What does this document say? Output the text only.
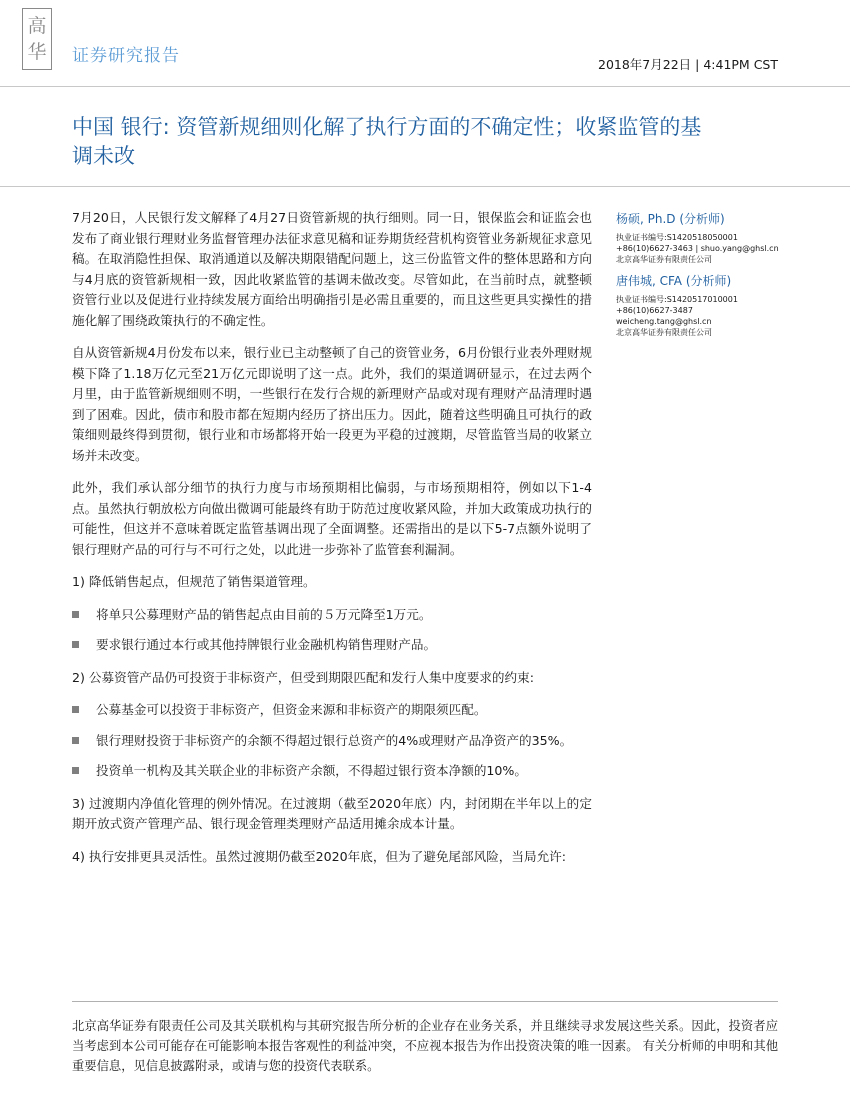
高
华 证券研究报告	2018年7月22日 | 4:41PM CST
中国 银行: 资管新规细则化解了执行方面的不确定性；收紧监管的基调未改

7月20日，人民银行发文解释了4月27日资管新规的执行细则。同一日，银保监会和证监会也发布了商业银行理财业务监督管理办法征求意见稿和证券期货经营机构资管业务新规征求意见稿。在取消隐性担保、取消通道以及解决期限错配问题上，这三份监管文件的整体思路和方向与4月底的资管新规相一致，因此收紧监管的基调未做改变。尽管如此，在当前时点，就整顿资管行业以及促进行业持续发展方面给出明确指引是必需且重要的，而且这些更具实操性的措施化解了围绕政策执行的不确定性。

自从资管新规4月份发布以来，银行业已主动整顿了自己的资管业务，6月份银行业表外理财规模下降了1.18万亿元至21万亿元即说明了这一点。此外，我们的渠道调研显示，在过去两个月里，由于监管新规细则不明，一些银行在发行合规的新理财产品或对现有理财产品清理时遇到了困难。因此，债市和股市都在短期内经历了挤出压力。因此，随着这些明确且可执行的政策细则最终得到贯彻，银行业和市场都将开始一段更为平稳的过渡期，尽管监管当局的收紧立场并未改变。

此外，我们承认部分细节的执行力度与市场预期相比偏弱，与市场预期相符，例如以下1-4点。虽然执行朝放松方向做出微调可能最终有助于防范过度收紧风险，并加大政策成功执行的可能性，但这并不意味着既定监管基调出现了全面调整。还需指出的是以下5-7点额外说明了银行理财产品的可行与不可行之处，以此进一步弥补了监管套利漏洞。

1) 降低销售起点，但规范了销售渠道管理。

将单只公募理财产品的销售起点由目前的５万元降至1万元。
要求银行通过本行或其他持牌银行业金融机构销售理财产品。

2) 公募资管产品仍可投资于非标资产，但受到期限匹配和发行人集中度要求的约束:

公募基金可以投资于非标资产，但资金来源和非标资产的期限须匹配。
银行理财投资于非标资产的余额不得超过银行总资产的4%或理财产品净资产的35%。
投资单一机构及其关联企业的非标资产余额，不得超过银行资本净额的10%。

3) 过渡期内净值化管理的例外情况。在过渡期（截至2020年底）内，封闭期在半年以上的定期开放式资产管理产品、银行现金管理类理财产品适用摊余成本计量。

4) 执行安排更具灵活性。虽然过渡期仍截至2020年底，但为了避免尾部风险，当局允许:

杨硕, Ph.D (分析师)
执业证书编号:S1420518050001
+86(10)6627-3463 | shuo.yang@ghsl.cn
北京高华证券有限责任公司
唐伟城, CFA (分析师)
执业证书编号:S1420517010001
+86(10)6627-3487
weicheng.tang@ghsl.cn
北京高华证券有限责任公司
北京高华证券有限责任公司及其关联机构与其研究报告所分析的企业存在业务关系，并且继续寻求发展这些关系。因此，投资者应当考虑到本公司可能存在可能影响本报告客观性的利益冲突，不应视本报告为作出投资决策的唯一因素。 有关分析师的申明和其他重要信息，见信息披露附录，或请与您的投资代表联系。
